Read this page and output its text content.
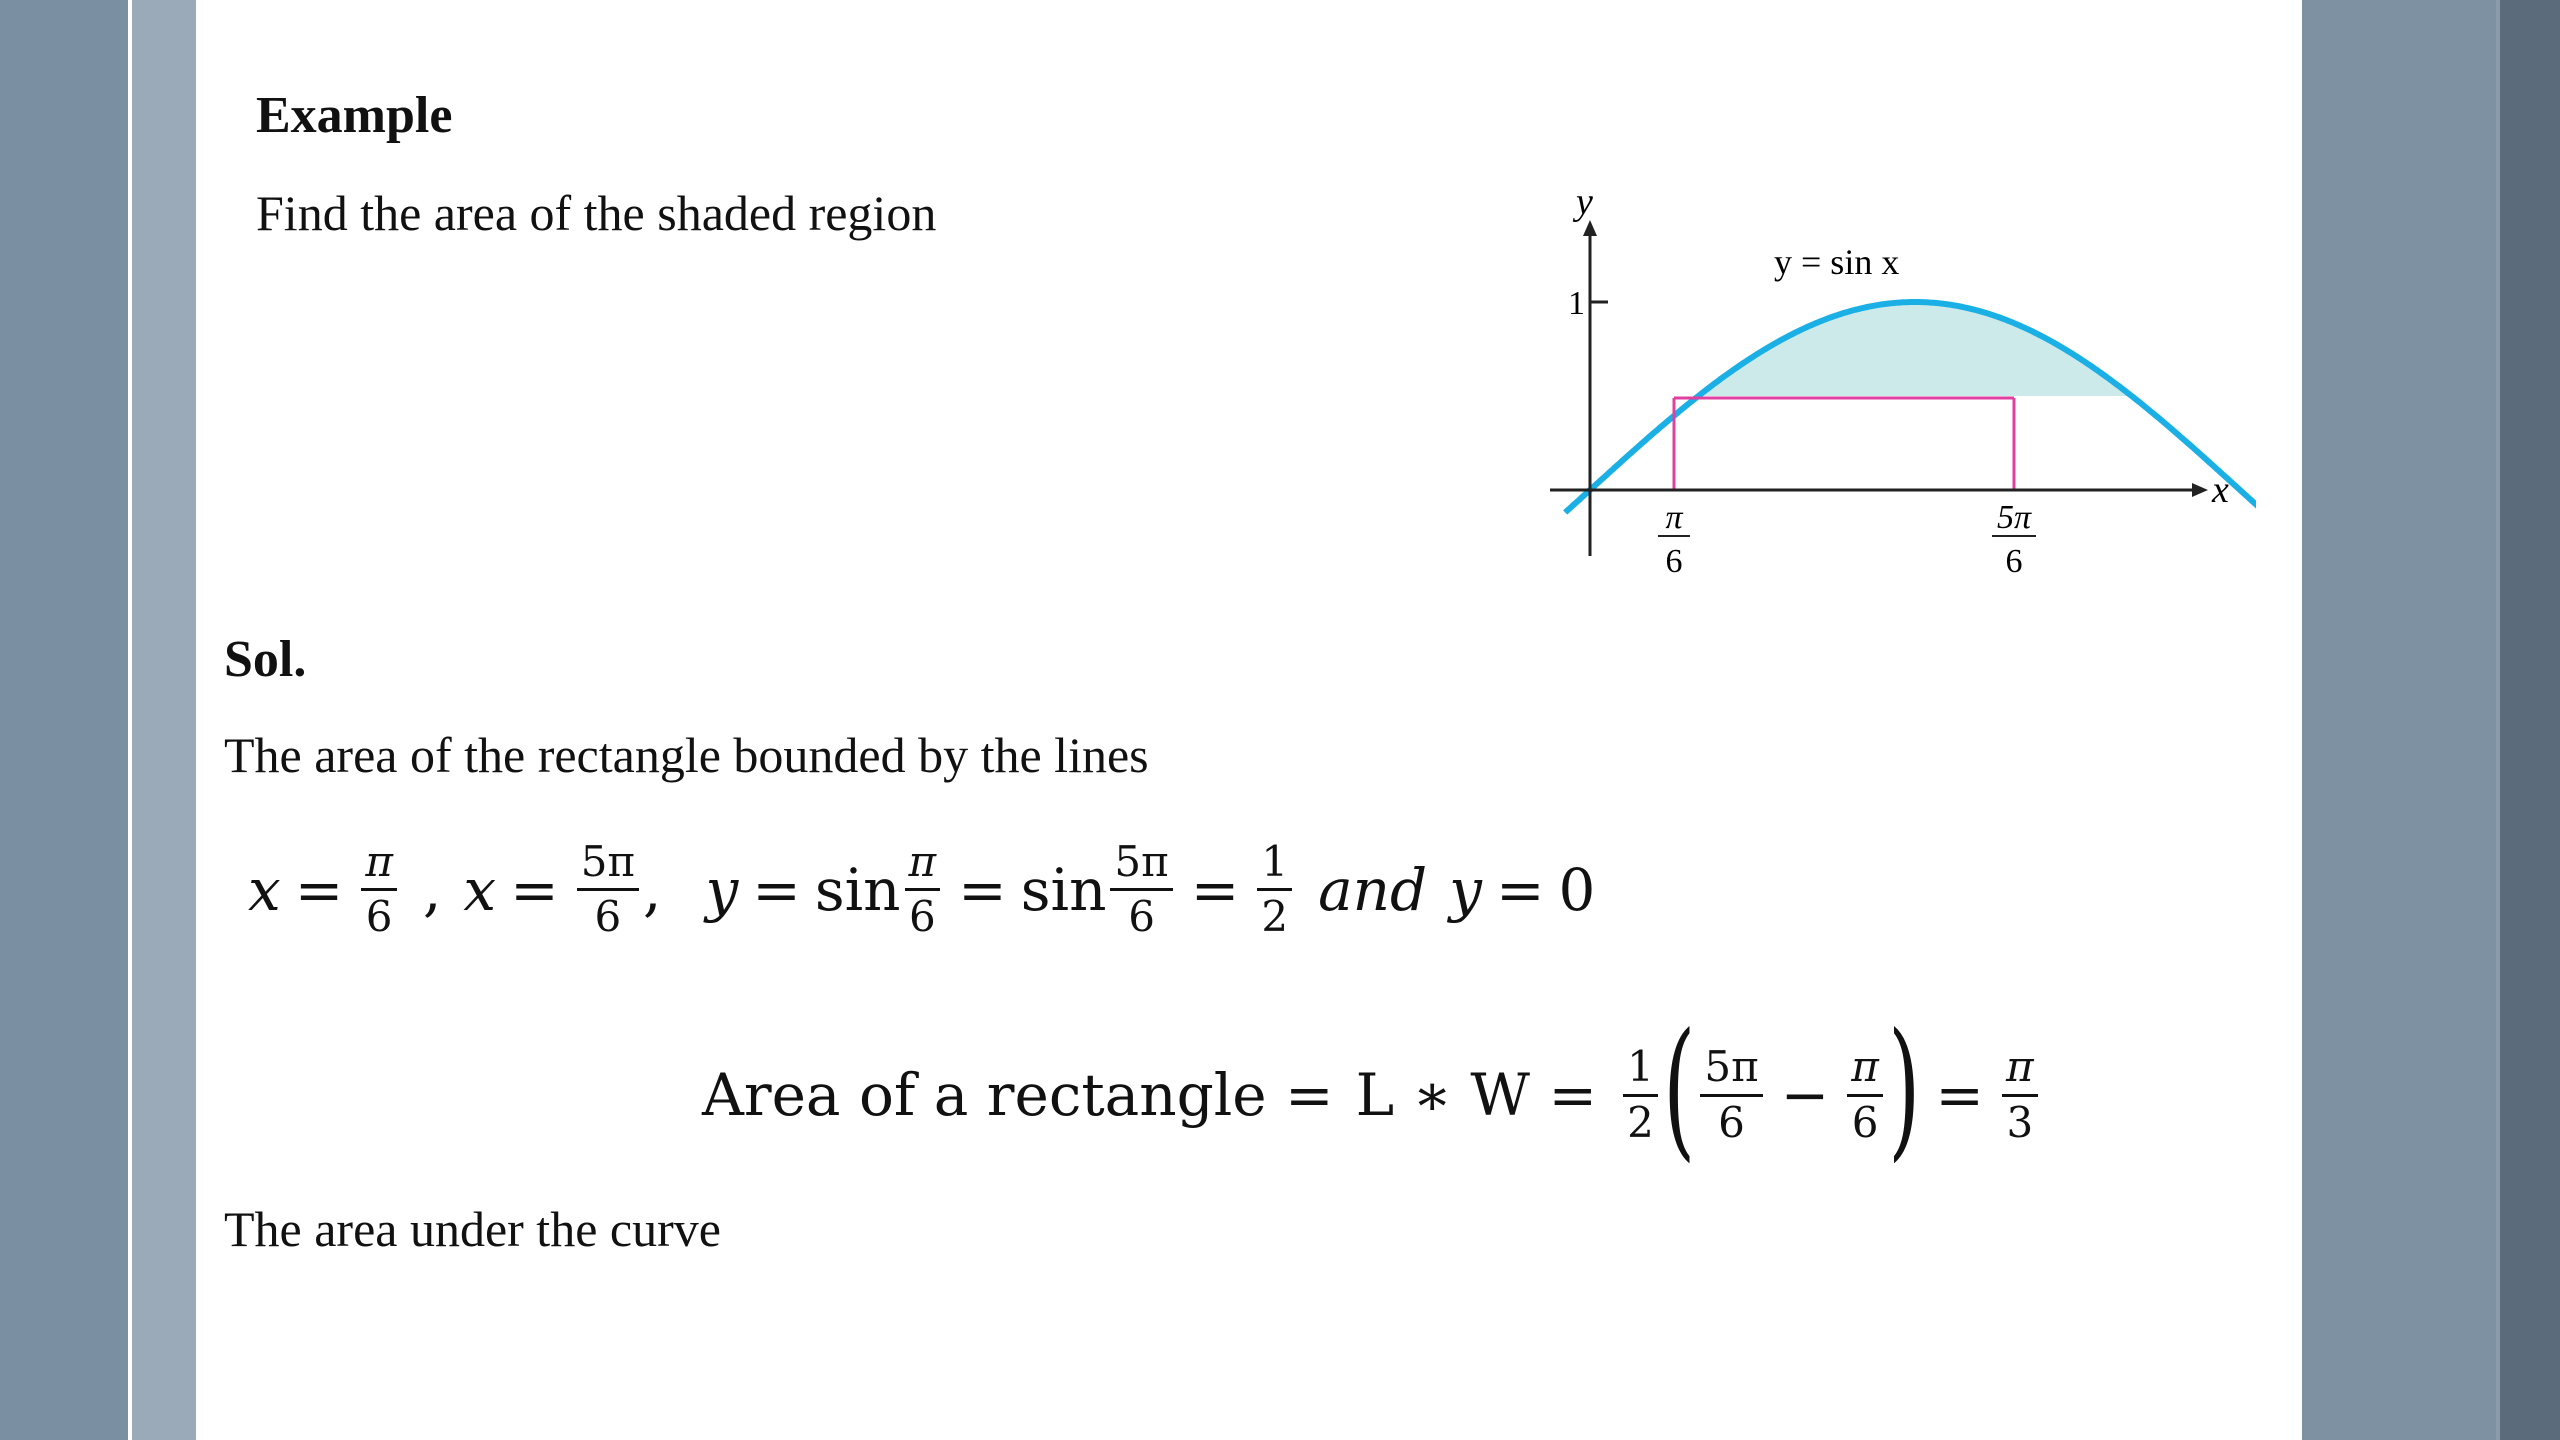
Example
Find the area of the shaded region
1
y
x
y = sin x
π
6
5π
6
Sol.
The area of the rectangle bounded by the lines
$x = \frac{\pi}{6}$ , $x = \frac{5\pi}{6}$ , $y = \sin \frac{\pi}{6} = \sin \frac{5\pi}{6} = \frac{1}{2}$ and y = 0
Area of a rectangle = L ∗ $W = \frac{1}{2}$ ( $\frac{5\pi}{6} - \frac{\pi}{6}$ ) = $\frac{\pi}{3}$
The area under the curve
